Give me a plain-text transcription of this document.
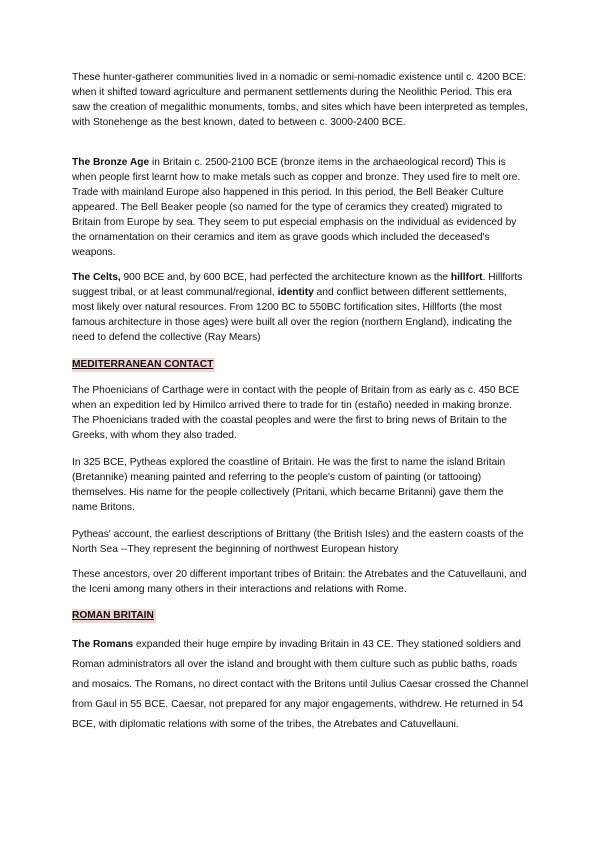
These hunter-gatherer communities lived in a nomadic or semi-nomadic existence until c. 4200 BCE: when it shifted toward agriculture and permanent settlements during the Neolithic Period. This era saw the creation of megalithic monuments, tombs, and sites which have been interpreted as temples, with Stonehenge as the best known, dated to between c. 3000-2400 BCE.

The Bronze Age in Britain c. 2500-2100 BCE (bronze items in the archaeological record) This is when people first learnt how to make metals such as copper and bronze. They used fire to melt ore. Trade with mainland Europe also happened in this period. In this period, the Bell Beaker Culture appeared. The Bell Beaker people (so named for the type of ceramics they created) migrated to Britain from Europe by sea. They seem to put especial emphasis on the individual as evidenced by the ornamentation on their ceramics and item as grave goods which included the deceased's weapons.

The Celts, 900 BCE and, by 600 BCE, had perfected the architecture known as the hillfort. Hillforts suggest tribal, or at least communal/regional, identity and conflict between different settlements, most likely over natural resources. From 1200 BC to 550BC fortification sites, Hillforts (the most famous architecture in those ages) were built all over the region (northern England), indicating the need to defend the collective (Ray Mears)

MEDITERRANEAN CONTACT

The Phoenicians of Carthage were in contact with the people of Britain from as early as c. 450 BCE when an expedition led by Himilco arrived there to trade for tin (estaño) needed in making bronze. The Phoenicians traded with the coastal peoples and were the first to bring news of Britain to the Greeks, with whom they also traded.

In 325 BCE, Pytheas explored the coastline of Britain. He was the first to name the island Britain (Bretannike) meaning painted and referring to the people's custom of painting (or tattooing) themselves. His name for the people collectively (Pritani, which became Britanni) gave them the name Britons.

Pytheas' account, the earliest descriptions of Brittany (the British Isles) and the eastern coasts of the North Sea --They represent the beginning of northwest European history

These ancestors, over 20 different important tribes of Britain: the Atrebates and the Catuvellauni, and the Iceni among many others in their interactions and relations with Rome.

ROMAN BRITAIN

The Romans expanded their huge empire by invading Britain in 43 CE. They stationed soldiers and Roman administrators all over the island and brought with them culture such as public baths, roads and mosaics. The Romans, no direct contact with the Britons until Julius Caesar crossed the Channel from Gaul in 55 BCE. Caesar, not prepared for any major engagements, withdrew. He returned in 54 BCE, with diplomatic relations with some of the tribes, the Atrebates and Catuvellauni.
